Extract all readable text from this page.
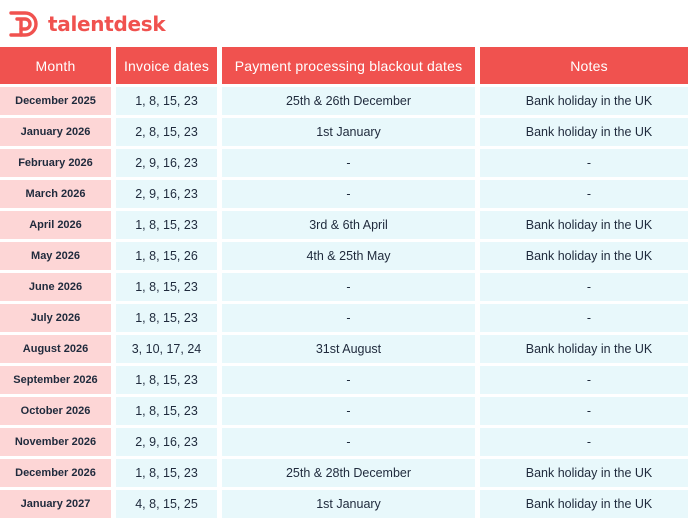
talentdesk
Month	Invoice dates	Payment processing blackout dates	Notes
December 2025	1, 8, 15, 23	25th & 26th December	Bank holiday in the UK
January 2026	2, 8, 15, 23	1st January	Bank holiday in the UK
February 2026	2, 9, 16, 23	-	-
March 2026	2, 9, 16, 23	-	-
April 2026	1, 8, 15, 23	3rd & 6th April	Bank holiday in the UK
May 2026	1, 8, 15, 26	4th & 25th May	Bank holiday in the UK
June 2026	1, 8, 15, 23	-	-
July 2026	1, 8, 15, 23	-	-
August 2026	3, 10, 17, 24	31st August	Bank holiday in the UK
September 2026	1, 8, 15, 23	-	-
October 2026	1, 8, 15, 23	-	-
November 2026	2, 9, 16, 23	-	-
December 2026	1, 8, 15, 23	25th & 28th December	Bank holiday in the UK
January 2027	4, 8, 15, 25	1st January	Bank holiday in the UK
